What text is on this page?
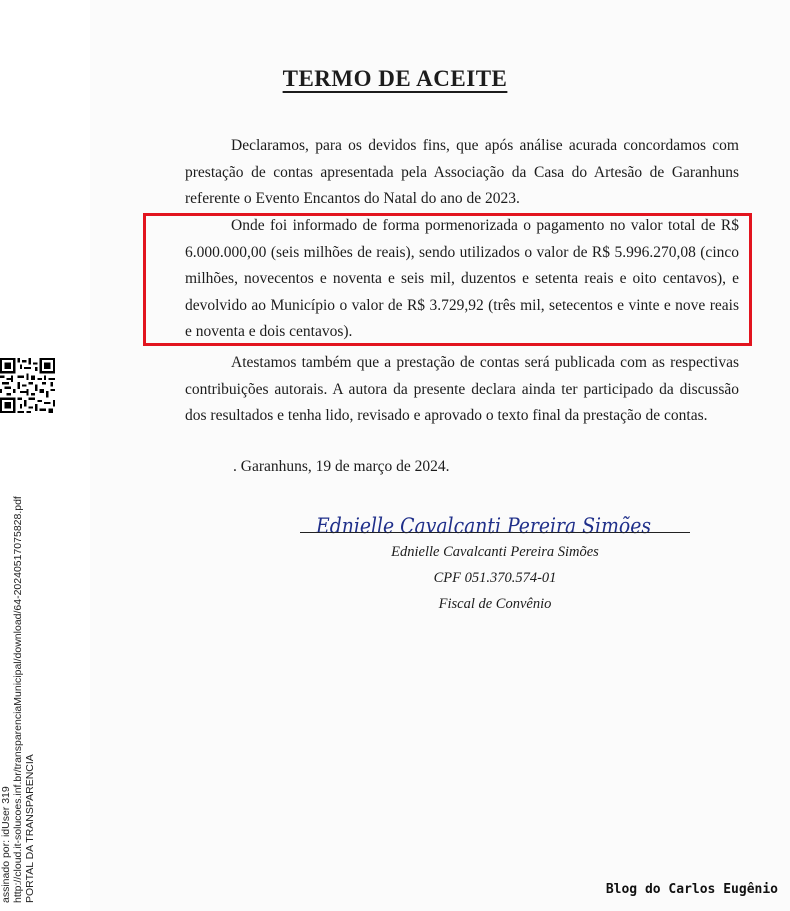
TERMO DE ACEITE

Declaramos, para os devidos fins, que após análise acurada concordamos com prestação de contas apresentada pela Associação da Casa do Artesão de Garanhuns referente o Evento Encantos do Natal do ano de 2023.

Onde foi informado de forma pormenorizada o pagamento no valor total de R$ 6.000.000,00 (seis milhões de reais), sendo utilizados o valor de R$ 5.996.270,08 (cinco milhões, novecentos e noventa e seis mil, duzentos e setenta reais e oito centavos), e devolvido ao Município o valor de R$ 3.729,92 (três mil, setecentos e vinte e nove reais e noventa e dois centavos).

Atestamos também que a prestação de contas será publicada com as respectivas contribuições autorais. A autora da presente declara ainda ter participado da discussão dos resultados e tenha lido, revisado e aprovado o texto final da prestação de contas.

. Garanhuns, 19 de março de 2024.
Ednielle Cavalcanti Pereira Simões
Ednielle Cavalcanti Pereira Simões
CPF 051.370.574-01
Fiscal de Convênio
PORTAL DA TRANSPARENCIA
http://cloud.it-solucoes.inf.br/transparenciaMunicipal/download/64-20240517075828.pdf
assinado por: idUser 319	Blog do Carlos Eugênio
